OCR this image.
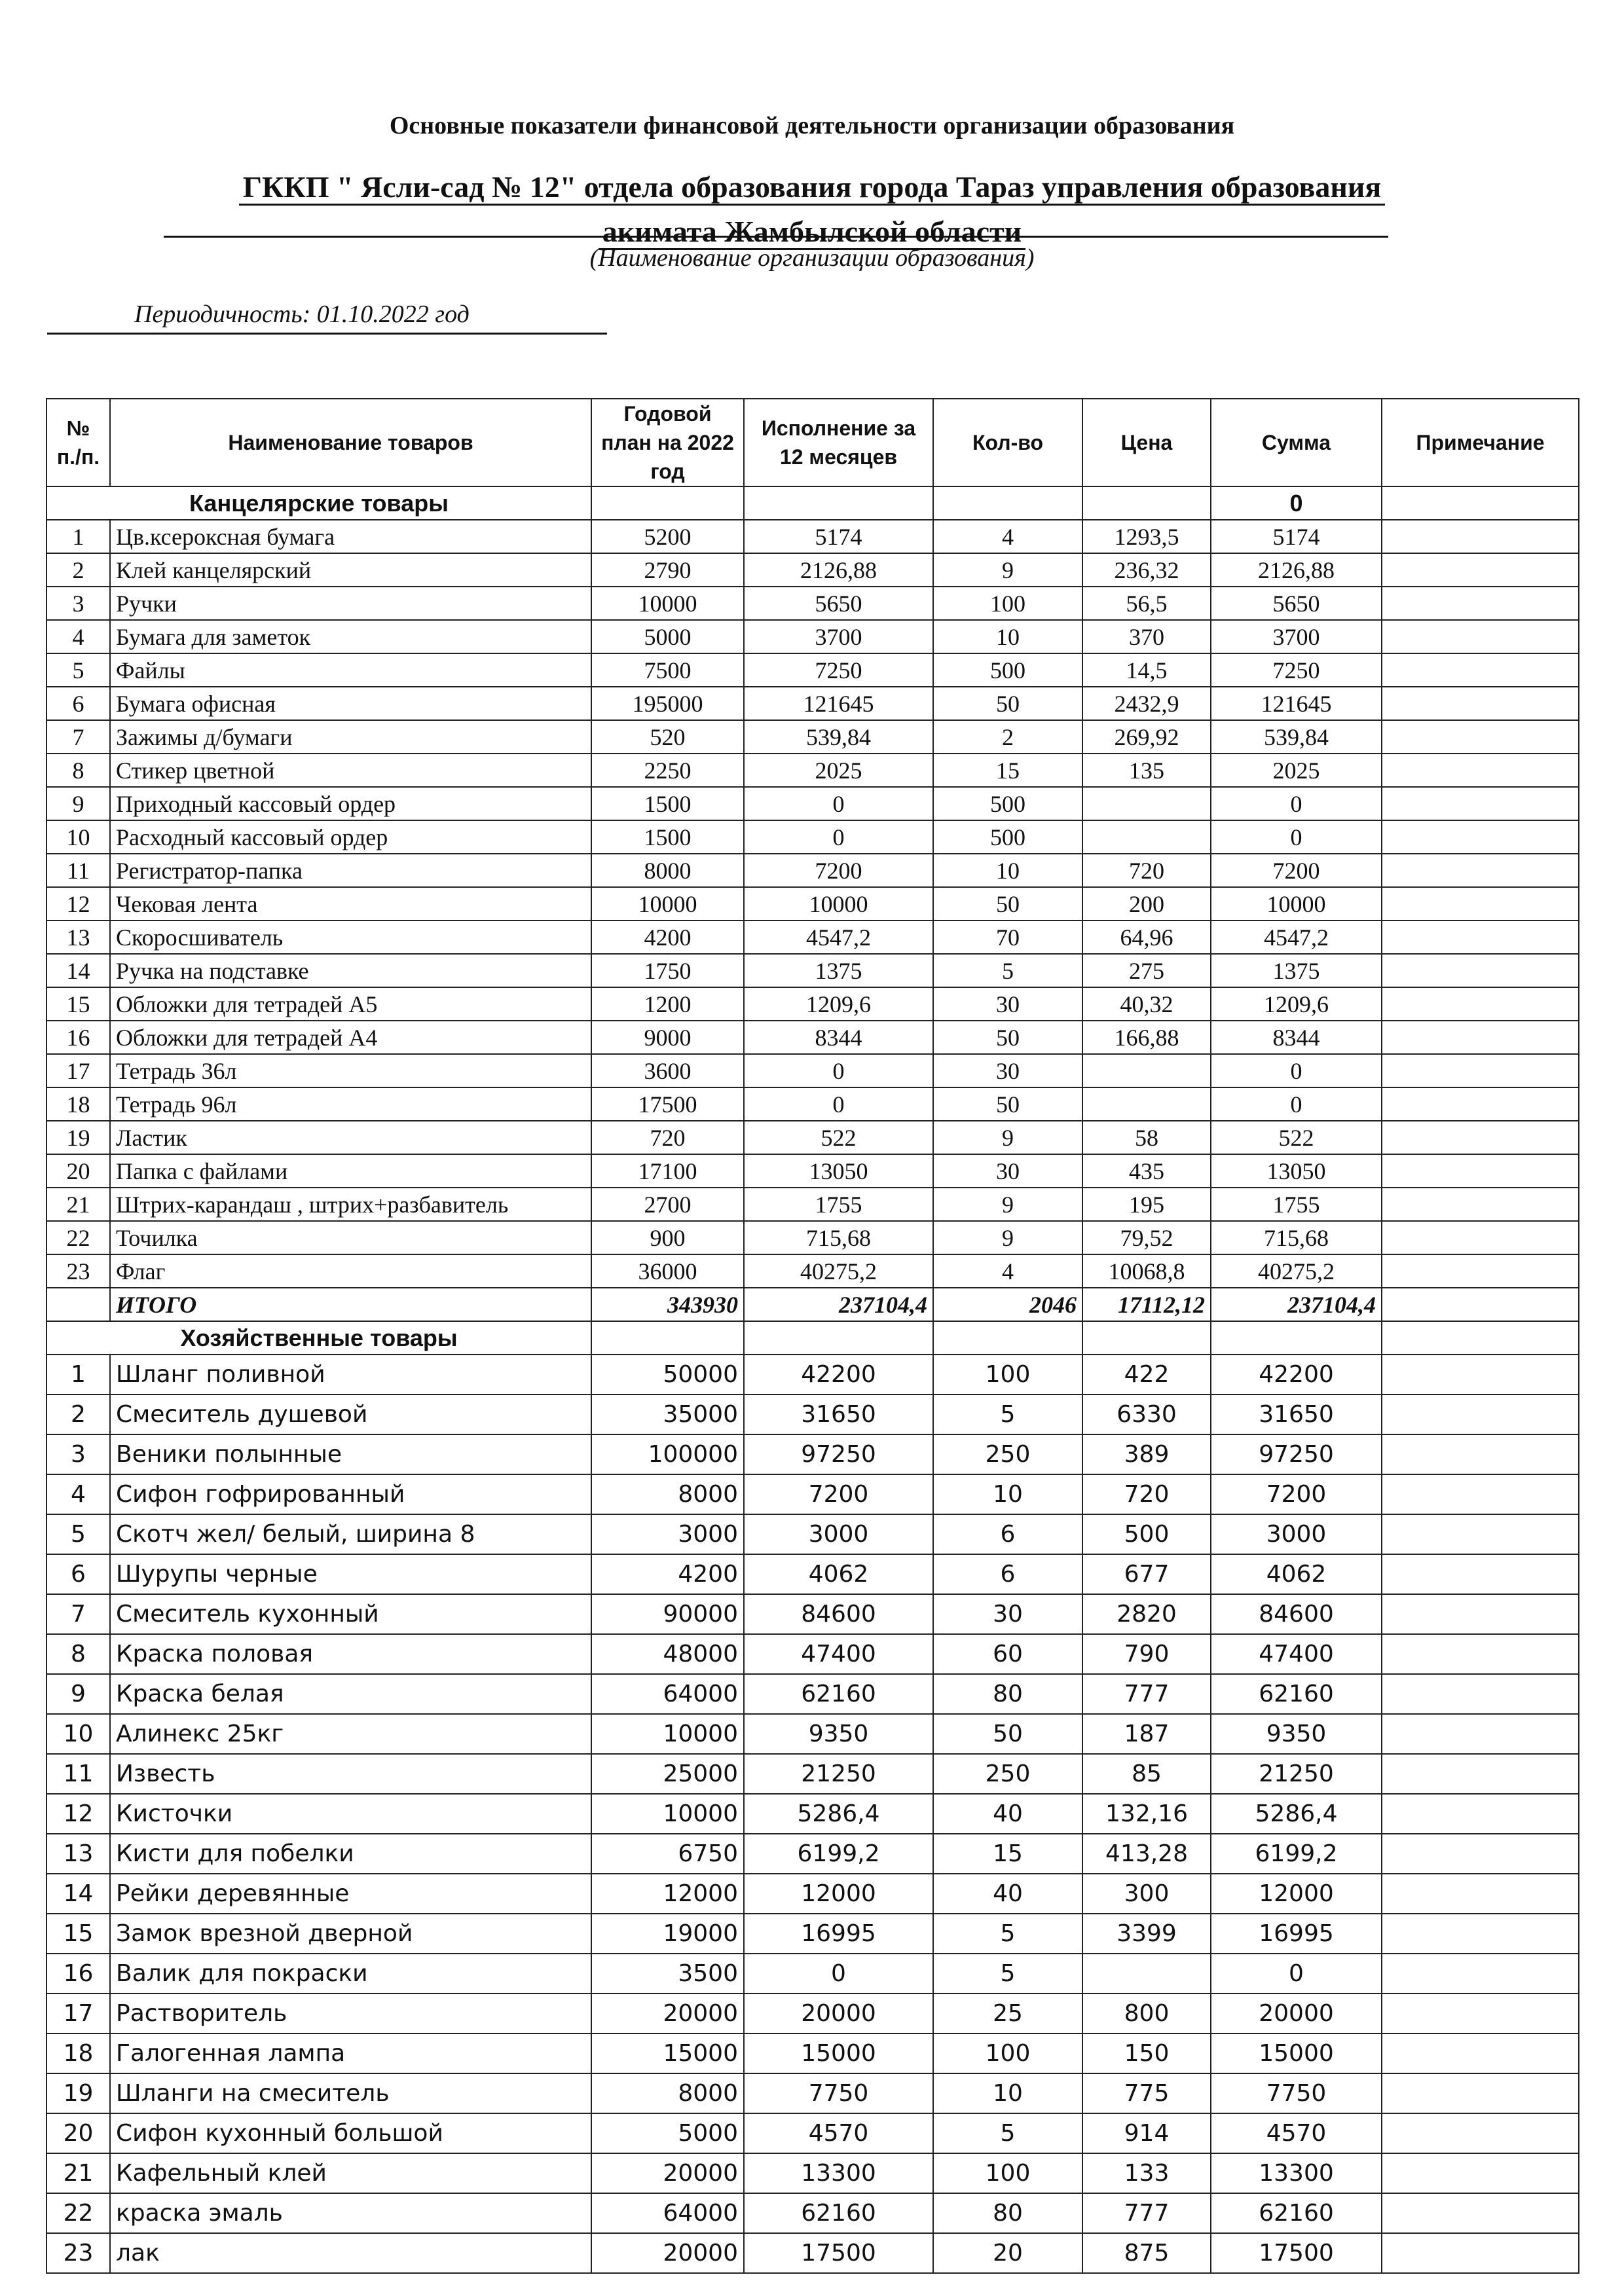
Основные показатели финансовой деятельности организации образования
ГККП " Ясли-сад № 12" отдела образования города Тараз управления образования
акимата Жамбылской области
(Наименование организации образования)
Периодичность: 01.10.2022 год
№ п./п.	Наименование товаров	Годовой план на 2022 год	Исполнение за 12 месяцев	Кол-во	Цена	Сумма	Примечание
Канцелярские товары						0	
1	Цв.ксероксная бумага	5200	5174	4	1293,5	5174	
2	Клей канцелярский	2790	2126,88	9	236,32	2126,88	
3	Ручки	10000	5650	100	56,5	5650	
4	Бумага для заметок	5000	3700	10	370	3700	
5	Файлы	7500	7250	500	14,5	7250	
6	Бумага офисная	195000	121645	50	2432,9	121645	
7	Зажимы д/бумаги	520	539,84	2	269,92	539,84	
8	Стикер цветной	2250	2025	15	135	2025	
9	Приходный кассовый ордер	1500	0	500		0	
10	Расходный кассовый ордер	1500	0	500		0	
11	Регистратор-папка	8000	7200	10	720	7200	
12	Чековая лента	10000	10000	50	200	10000	
13	Скоросшиватель	4200	4547,2	70	64,96	4547,2	
14	Ручка на подставке	1750	1375	5	275	1375	
15	Обложки для тетрадей А5	1200	1209,6	30	40,32	1209,6	
16	Обложки для тетрадей А4	9000	8344	50	166,88	8344	
17	Тетрадь 36л	3600	0	30		0	
18	Тетрадь 96л	17500	0	50		0	
19	Ластик	720	522	9	58	522	
20	Папка с файлами	17100	13050	30	435	13050	
21	Штрих-карандаш , штрих+разбавитель	2700	1755	9	195	1755	
22	Точилка	900	715,68	9	79,52	715,68	
23	Флаг	36000	40275,2	4	10068,8	40275,2	
	ИТОГО	343930	237104,4	2046	17112,12	237104,4	
Хозяйственные товары							
1	Шланг поливной	50000	42200	100	422	42200	
2	Смеситель душевой	35000	31650	5	6330	31650	
3	Веники полынные	100000	97250	250	389	97250	
4	Сифон гофрированный	8000	7200	10	720	7200	
5	Скотч жел/ белый, ширина 8	3000	3000	6	500	3000	
6	Шурупы черные	4200	4062	6	677	4062	
7	Смеситель кухонный	90000	84600	30	2820	84600	
8	Краска половая	48000	47400	60	790	47400	
9	Краска белая	64000	62160	80	777	62160	
10	Алинекс 25кг	10000	9350	50	187	9350	
11	Известь	25000	21250	250	85	21250	
12	Кисточки	10000	5286,4	40	132,16	5286,4	
13	Кисти для побелки	6750	6199,2	15	413,28	6199,2	
14	Рейки деревянные	12000	12000	40	300	12000	
15	Замок врезной дверной	19000	16995	5	3399	16995	
16	Валик для покраски	3500	0	5		0	
17	Растворитель	20000	20000	25	800	20000	
18	Галогенная лампа	15000	15000	100	150	15000	
19	Шланги на смеситель	8000	7750	10	775	7750	
20	Сифон кухонный большой	5000	4570	5	914	4570	
21	Кафельный клей	20000	13300	100	133	13300	
22	краска эмаль	64000	62160	80	777	62160	
23	лак	20000	17500	20	875	17500	
